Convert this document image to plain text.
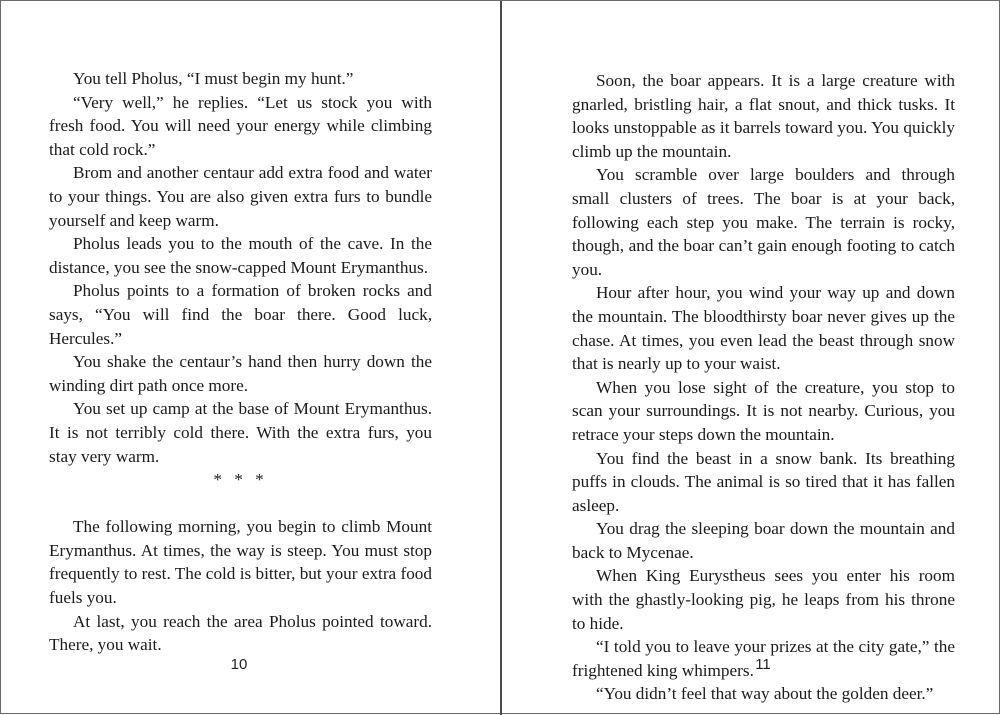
You tell Pholus, “I must begin my hunt.”

“Very well,” he replies. “Let us stock you with fresh food. You will need your energy while climbing that cold rock.”

Brom and another centaur add extra food and water to your things. You are also given extra furs to bundle yourself and keep warm.

Pholus leads you to the mouth of the cave. In the distance, you see the snow-capped Mount Erymanthus.

Pholus points to a formation of broken rocks and says, “You will find the boar there. Good luck, Hercules.”

You shake the centaur’s hand then hurry down the winding dirt path once more.

You set up camp at the base of Mount Erymanthus. It is not terribly cold there. With the extra furs, you stay very warm.

* * *

The following morning, you begin to climb Mount Erymanthus. At times, the way is steep. You must stop frequently to rest. The cold is bitter, but your extra food fuels you.

At last, you reach the area Pholus pointed toward. There, you wait.

10

Soon, the boar appears. It is a large creature with gnarled, bristling hair, a flat snout, and thick tusks. It looks unstoppable as it barrels toward you. You quickly climb up the mountain.

You scramble over large boulders and through small clusters of trees. The boar is at your back, following each step you make. The terrain is rocky, though, and the boar can’t gain enough footing to catch you.

Hour after hour, you wind your way up and down the mountain. The bloodthirsty boar never gives up the chase. At times, you even lead the beast through snow that is nearly up to your waist.

When you lose sight of the creature, you stop to scan your surroundings. It is not nearby. Curious, you retrace your steps down the mountain.

You find the beast in a snow bank. Its breathing puffs in clouds. The animal is so tired that it has fallen asleep.

You drag the sleeping boar down the mountain and back to Mycenae.

When King Eurystheus sees you enter his room with the ghastly-looking pig, he leaps from his throne to hide.

“I told you to leave your prizes at the city gate,” the frightened king whimpers.

“You didn’t feel that way about the golden deer.”

11
